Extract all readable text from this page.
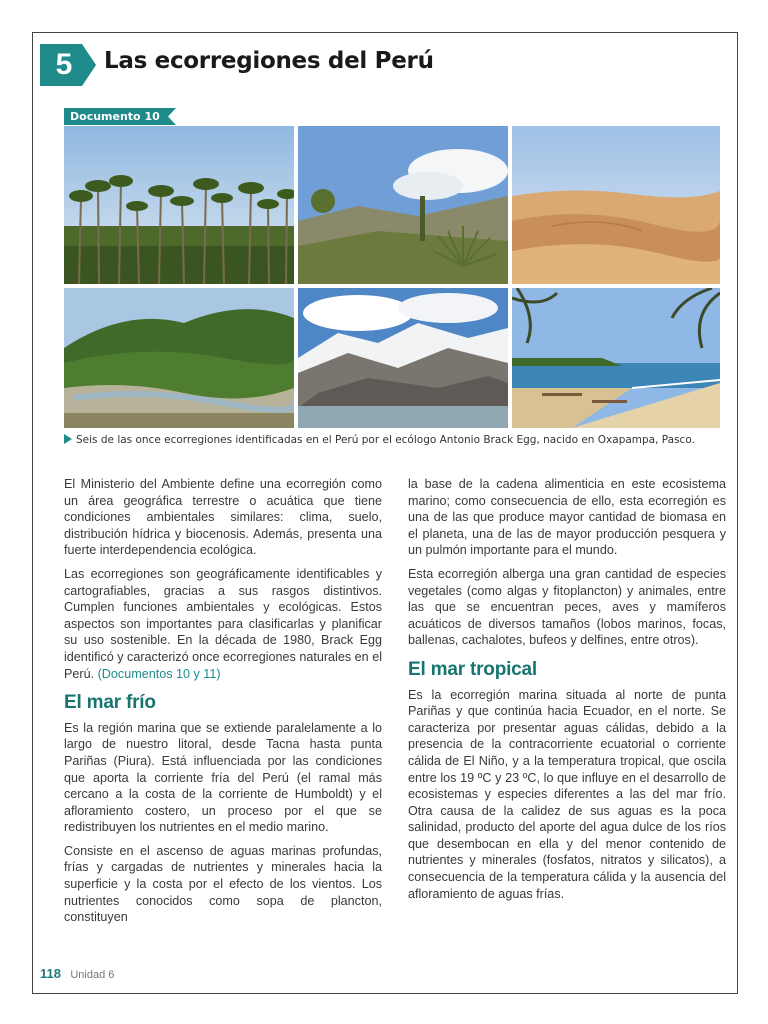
5	Las ecorregiones del Perú
Documento 10
Seis de las once ecorregiones identificadas en el Perú por el ecólogo Antonio Brack Egg, nacido en Oxapampa, Pasco.

El Ministerio del Ambiente define una ecorregión como un área geográfica terrestre o acuática que tiene condiciones ambientales similares: clima, suelo, distribución hídrica y biocenosis. Además, presenta una fuerte interdependencia ecológica.

Las ecorregiones son geográficamente identificables y cartografiables, gracias a sus rasgos distintivos. Cumplen funciones ambientales y ecológicas. Estos aspectos son importantes para clasificarlas y planificar su uso sostenible. En la década de 1980, Brack Egg identificó y caracterizó once ecorregiones naturales en el Perú. (Documentos 10 y 11)

El mar frío

Es la región marina que se extiende paralelamente a lo largo de nuestro litoral, desde Tacna hasta punta Pariñas (Piura). Está influenciada por las condiciones que aporta la corriente fría del Perú (el ramal más cercano a la costa de la corriente de Humboldt) y el afloramiento costero, un proceso por el que se redistribuyen los nutrientes en el medio marino.

Consiste en el ascenso de aguas marinas profundas, frías y cargadas de nutrientes y minerales hacia la superficie y la costa por el efecto de los vientos. Los nutrientes conocidos como sopa de plancton, constituyen

la base de la cadena alimenticia en este ecosistema marino; como consecuencia de ello, esta ecorregión es una de las que produce mayor cantidad de biomasa en el planeta, una de las de mayor producción pesquera y un pulmón importante para el mundo.

Esta ecorregión alberga una gran cantidad de especies vegetales (como algas y fitoplancton) y animales, entre las que se encuentran peces, aves y mamíferos acuáticos de diversos tamaños (lobos marinos, focas, ballenas, cachalotes, bufeos y delfines, entre otros).

El mar tropical

Es la ecorregión marina situada al norte de punta Pariñas y que continúa hacia Ecuador, en el norte. Se caracteriza por presentar aguas cálidas, debido a la presencia de la contracorriente ecuatorial o corriente cálida de El Niño, y a la temperatura tropical, que oscila entre los 19 ºC y 23 ºC, lo que influye en el desarrollo de ecosistemas y especies diferentes a las del mar frío. Otra causa de la calidez de sus aguas es la poca salinidad, producto del aporte del agua dulce de los ríos que desembocan en ella y del menor contenido de nutrientes y minerales (fosfatos, nitratos y silicatos), a consecuencia de la temperatura cálida y la ausencia del afloramiento de aguas frías.

118 Unidad 6
